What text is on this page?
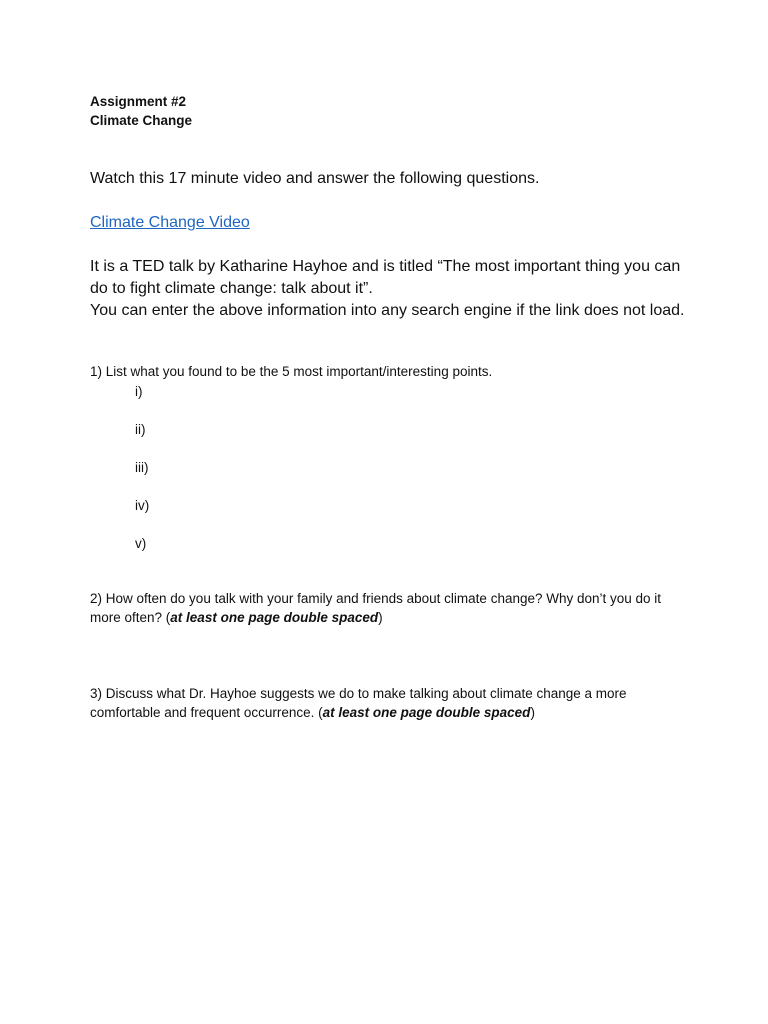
Assignment #2

Climate Change

Watch this 17 minute video and answer the following questions.

Climate Change Video

It is a TED talk by Katharine Hayhoe and is titled “The most important thing you can do to fight climate change: talk about it”.

You can enter the above information into any search engine if the link does not load.

1) List what you found to be the 5 most important/interesting points.

i)
ii)
iii)
iv)
v)

2) How often do you talk with your family and friends about climate change? Why don’t you do it more often? (at least one page double spaced)

3) Discuss what Dr. Hayhoe suggests we do to make talking about climate change a more comfortable and frequent occurrence. (at least one page double spaced)
